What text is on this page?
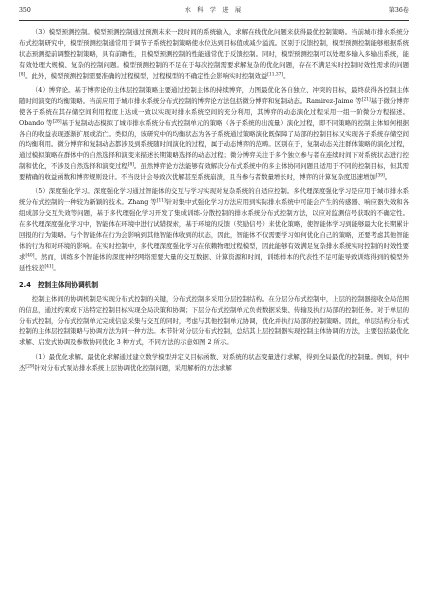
350	水 科 学 进 展	第36卷

（3）模型预测控制。模型预测控制通过预测未来一段时间的系统输入，求解在线优化问题来获得最优控制策略。当前城市排水系统分布式控制研究中，模型预测控制通常用于调节子系统控制策略使水位达到目标值或减少溢流。区别于反馈控制，模型预测控制能够根据系统状态预测提前调整控制策略，具有前瞻性，且模型预测控制的性能通常优于反馈控制。同时，模型预测控制可以处理多输入多输出系统，能有效处理大规模、复杂的控制问题。模型预测控制的不足在于每次控制需要求解复杂的优化问题，存在不满足实时控制时效性需求的问题[8]。此外，模型预测控制需要准确的过程模型，过程模型的不确定性会影响实时控制效益[11,37]。

（4）博弈论。基于博弈论的主体层控制策略主要通过控制主体的持续博弈，力图最优化各自独立、冲突的目标，最终获得各控制主体随时间演变的均衡策略。当前应用于城市排水系统分布式控制的博弈论方法包括微分博弈和复制动态。Ramirez-Jaime 等[21]基于微分博弈使各子系统在其存储空间利用程度上达成一致以实现对排水系统空间的充分利用，其博弈的动态演化过程采用一组一阶微分方程描述。Obando 等[28]基于复制动态模拟了城市排水系统分布式控制单元的策略（各子系统的出流量）演化过程，即不同策略的控制主体如何根据各自的收益表现逐渐扩展或消亡。类似的，该研究中的均衡状态为各子系统通过策略演化既保障了局部的控制目标又实现各子系统存储空间的均衡利用。微分博弈和复制动态都涉及到系统随时间演化的过程，属于动态博弈的范畴。区别在于，复制动态关注群体策略的演化过程，通过模拟策略在群体中的自然选择和演变来描述长期策略选择的动态过程；微分博弈关注于多个独立参与者在连续时间下对系统状态进行控制和优化，不涉及自然选择和演变过程[8]。虽然博弈论方法能够有效解决分布式系统中的多主体协同问题且适用于不同的控制目标，但其需要精确的收益函数和博弈规则设计。不当设计会导致次优解甚至系统崩溃，且当参与者数量增长时，博弈的计算复杂度迅速增加[39]。

（5）深度强化学习。深度强化学习通过智能体的交互与学习实现对复杂系统的自适应控制。多代理深度强化学习是应用于城市排水系统分布式控制的一种较为新颖的技术。Zhang 等[11]针对集中式强化学习方法应用到实际排水系统中可能会产生的传感器、响应器失效和各组成部分交互失效等问题，基于多代理强化学习开发了集成训练-分散控制的排水系统分布式控制方法，以应对监测信号获取的不确定性。在多代理深度强化学习中，智能体在环境中进行试错探索，基于环境的反馈（奖励信号）来优化策略，使智能体学习到能够最大化长期累计回报的行为策略。与个智能体在行为会影响到其他智能体收到的状态，因此，智能体不仅需要学习如何优化自己的策略，还要考虑其他智能体的行为和对环境的影响。在实时控制中，多代理深度强化学习在依赖物理过程模型，因此能够有效满足复杂排水系统实时控制的时效性要求[40]。然而，训练多个智能体的深度神经网络需要大量的交互数据、计算资源和时间，训练样本的代表性不足可能导致训练得到的模型外延性较差[41]。

2.4 控制主体间协调机制

控制主体间的协调机制是实现分布式控制的关键，分布式控制多采用分层控制结构。在分层分布式控制中，上层的控制器接收全局范围的信息，通过约束或下达特定控制目标实现全局决策和协调；下层分布式控制单元负责数据采集、传输及执行局部的控制任务。对于单层的分布式控制，分布式控制单元完成信息采集与交互的同时，考虑与其他控制单元协调，优化并执行局部的控制策略。因此，单层结构分布式控制的主体层控制策略与协调方法为同一种方法。本节针对分层分布式控制，总结其上层控制器实现控制主体协调的方法，主要包括最优化求解、启发式协调及参数协同优化 3 种方式，不同方法的示意如图 2 所示。

（1）最优化求解。最优化求解通过建立数学模型并定义目标函数、对系统的状态变量进行求解，得到全局最优的控制量。例如，何中杰[29]针对分布式泵站排水系统上层协调优化控制问题，采用解析的方法求解
